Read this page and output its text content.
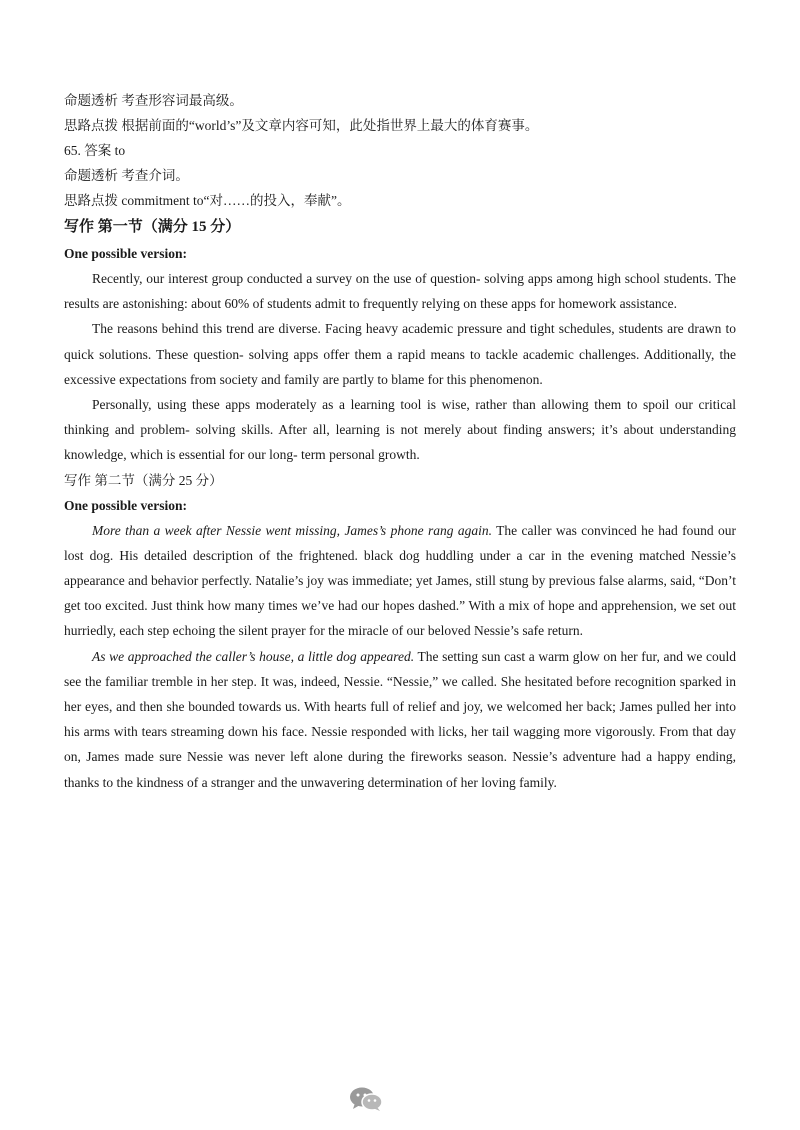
命题透析 考查形容词最高级。

思路点拨 根据前面的“world’s”及文章内容可知，此处指世界上最大的体育赛事。

65. 答案 to

命题透析 考查介词。

思路点拨 commitment to“对……的投入，奉献”。

写作 第一节（满分 15 分）

One possible version:

Recently, our interest group conducted a survey on the use of question- solving apps among high school students. The results are astonishing: about 60% of students admit to frequently relying on these apps for homework assistance.

The reasons behind this trend are diverse. Facing heavy academic pressure and tight schedules, students are drawn to quick solutions. These question- solving apps offer them a rapid means to tackle academic challenges. Additionally, the excessive expectations from society and family are partly to blame for this phenomenon.

Personally, using these apps moderately as a learning tool is wise, rather than allowing them to spoil our critical thinking and problem- solving skills. After all, learning is not merely about finding answers; it’s about understanding knowledge, which is essential for our long- term personal growth.

写作 第二节（满分 25 分）

One possible version:

More than a week after Nessie went missing, James’s phone rang again. The caller was convinced he had found our lost dog. His detailed description of the frightened. black dog huddling under a car in the evening matched Nessie’s appearance and behavior perfectly. Natalie’s joy was immediate; yet James, still stung by previous false alarms, said, “Don’t get too excited. Just think how many times we’ve had our hopes dashed.” With a mix of hope and apprehension, we set out hurriedly, each step echoing the silent prayer for the miracle of our beloved Nessie’s safe return.

As we approached the caller’s house, a little dog appeared. The setting sun cast a warm glow on her fur, and we could see the familiar tremble in her step. It was, indeed, Nessie. “Nessie,” we called. She hesitated before recognition sparked in her eyes, and then she bounded towards us. With hearts full of relief and joy, we welcomed her back; James pulled her into his arms with tears streaming down his face. Nessie responded with licks, her tail wagging more vigorously. From that day on, James made sure Nessie was never left alone during the fireworks season. Nessie’s adventure had a happy ending, thanks to the kindness of a stranger and the unwavering determination of her loving family.
